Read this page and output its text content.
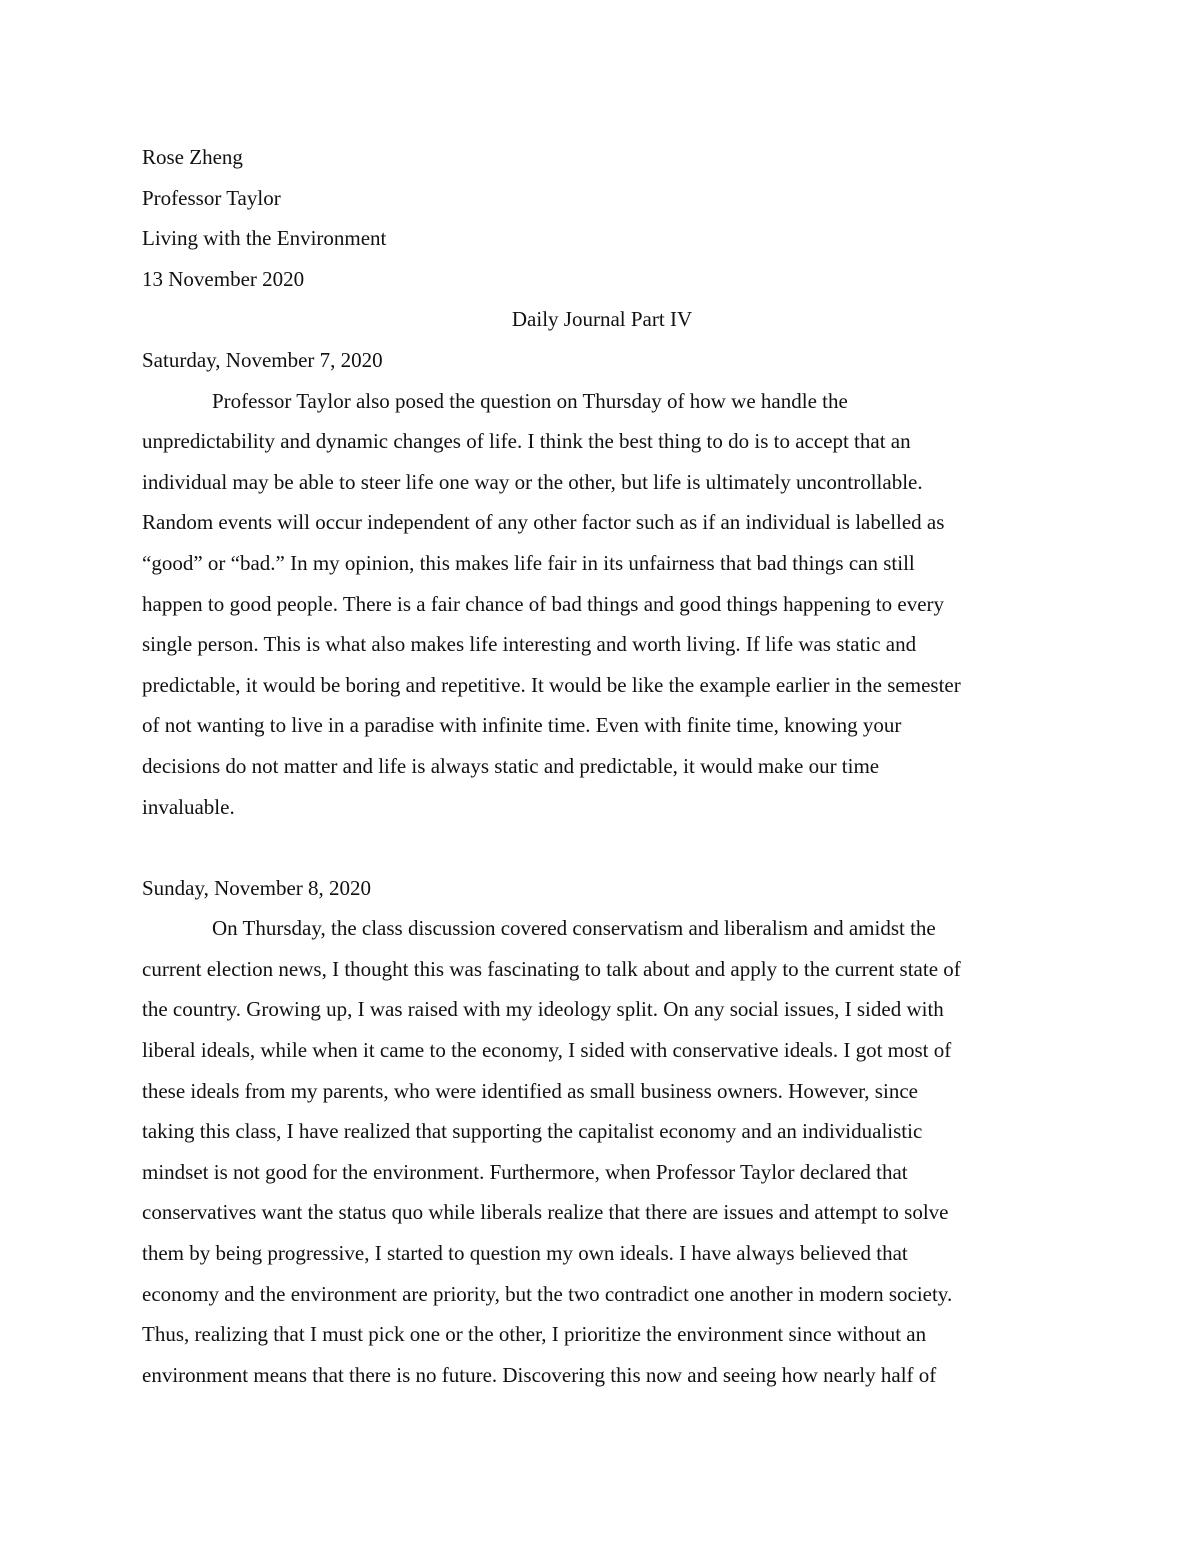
Rose Zheng

Professor Taylor

Living with the Environment

13 November 2020

Daily Journal Part IV

Saturday, November 7, 2020

Professor Taylor also posed the question on Thursday of how we handle the
unpredictability and dynamic changes of life. I think the best thing to do is to accept that an
individual may be able to steer life one way or the other, but life is ultimately uncontrollable.
Random events will occur independent of any other factor such as if an individual is labelled as
“good” or “bad.” In my opinion, this makes life fair in its unfairness that bad things can still
happen to good people. There is a fair chance of bad things and good things happening to every
single person. This is what also makes life interesting and worth living. If life was static and
predictable, it would be boring and repetitive. It would be like the example earlier in the semester
of not wanting to live in a paradise with infinite time. Even with finite time, knowing your
decisions do not matter and life is always static and predictable, it would make our time
invaluable.

Sunday, November 8, 2020

On Thursday, the class discussion covered conservatism and liberalism and amidst the
current election news, I thought this was fascinating to talk about and apply to the current state of
the country. Growing up, I was raised with my ideology split. On any social issues, I sided with
liberal ideals, while when it came to the economy, I sided with conservative ideals. I got most of
these ideals from my parents, who were identified as small business owners. However, since
taking this class, I have realized that supporting the capitalist economy and an individualistic
mindset is not good for the environment. Furthermore, when Professor Taylor declared that
conservatives want the status quo while liberals realize that there are issues and attempt to solve
them by being progressive, I started to question my own ideals. I have always believed that
economy and the environment are priority, but the two contradict one another in modern society.
Thus, realizing that I must pick one or the other, I prioritize the environment since without an
environment means that there is no future. Discovering this now and seeing how nearly half of
